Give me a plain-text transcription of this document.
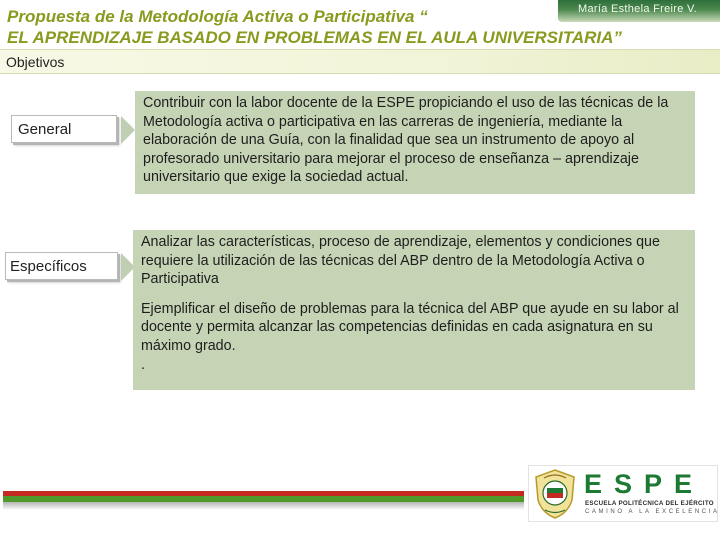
María Esthela Freire V.
Propuesta de la Metodología Activa o Participativa “
EL APRENDIZAJE BASADO EN PROBLEMAS EN EL AULA UNIVERSITARIA”
Objetivos
General
Contribuir con la labor docente de la ESPE propiciando el uso de las técnicas de la Metodología activa o participativa en las carreras de ingeniería, mediante la elaboración de una Guía, con la finalidad que sea un instrumento de apoyo al profesorado universitario para mejorar el proceso de enseñanza – aprendizaje universitario que exige la sociedad actual.
Específicos
Analizar las características, proceso de aprendizaje, elementos y condiciones que requiere la utilización de las técnicas del ABP dentro de la Metodología Activa o Participativa
Ejemplificar el diseño de problemas para la técnica del ABP que ayude en su labor al docente y permita alcanzar las competencias definidas en cada asignatura en su máximo grado.
.
ESPE
ESCUELA POLITÉCNICA DEL EJÉRCITO
CAMINO A LA EXCELENCIA
